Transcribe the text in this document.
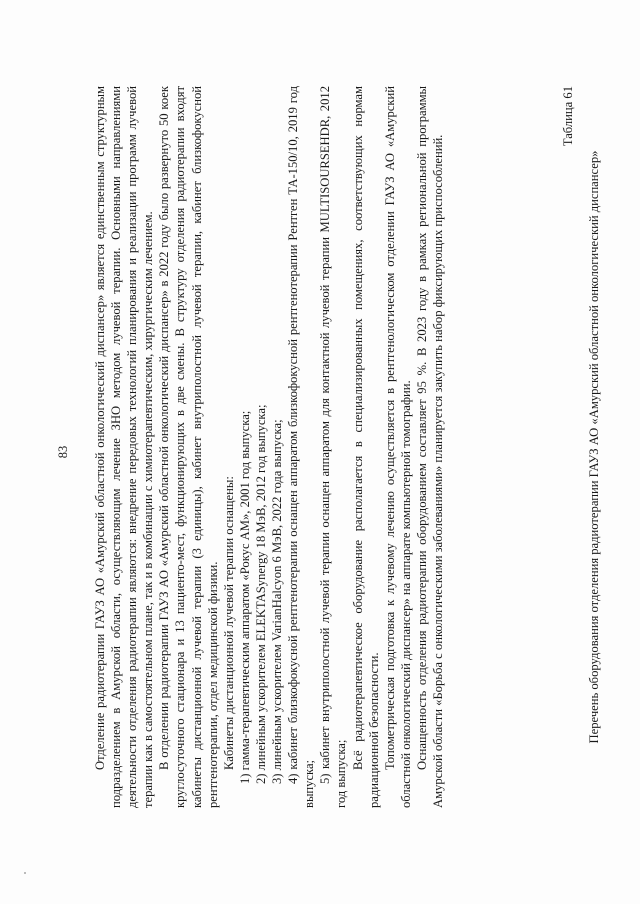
83 Отделение радиотерапии ГАУЗ АО «Амурский областной онкологический диспансер» является единственным структурным подразделением в Амурской области, осуществляющим лечение ЗНО методом лучевой терапии. Основными направлениями деятельности отделения радиотерапии являются: внедрение передовых технологий планирования и реализации программ лучевой терапии как в самостоятельном плане, так и в комбинации с химиотерапевтическим, хирургическим лечением. В отделении радиотерапии ГАУЗ АО «Амурский областной онкологический диспансер» в 2022 году было развернуто 50 коек круглосуточного стационара и 13 пациенто-мест, функционирующих в две смены. В структуру отделения радиотерапии входят кабинеты дистанционной лучевой терапии (3 единицы), кабинет внутриполостной лучевой терапии, кабинет близкофокусной рентгенотерапии, отдел медицинской физики. Кабинеты дистанционной лучевой терапии оснащены: 1) гамма-терапевтическим аппаратом «Рокус АМ», 2001 год выпуска; 2) линейным ускорителем ELEKTASynergy 18 МэВ, 2012 год выпуска; 3) линейным ускорителем VarianHalcyon 6 МэВ, 2022 года выпуска; 4) кабинет близкофокусной рентгенотерапии оснащен аппаратом близкофокусной рентгенотерапии Рентген ТА-150/10, 2019 год выпуска; 5) кабинет внутриполостной лучевой терапии оснащен аппаратом для контактной лучевой терапии MULTISOURSEHDR, 2012 год выпуска;

Всё радиотерапевтическое оборудование располагается в специализированных помещениях, соответствующих нормам радиационной безопасности. Топометрическая подготовка к лучевому лечению осуществляется в рентгенологическом отделении ГАУЗ АО «Амурский областной онкологический диспансер» на аппарате компьютерной томографии. Оснащенность отделения радиотерапии оборудованием составляет 95 %. В 2023 году в рамках региональной программы Амурской области «Борьба с онкологическими заболеваниями» планируется закупить набор фиксирующих приспособлений.

Таблица 61
Перечень оборудования отделения радиотерапии ГАУЗ АО «Амурский областной онкологический диспансер»
